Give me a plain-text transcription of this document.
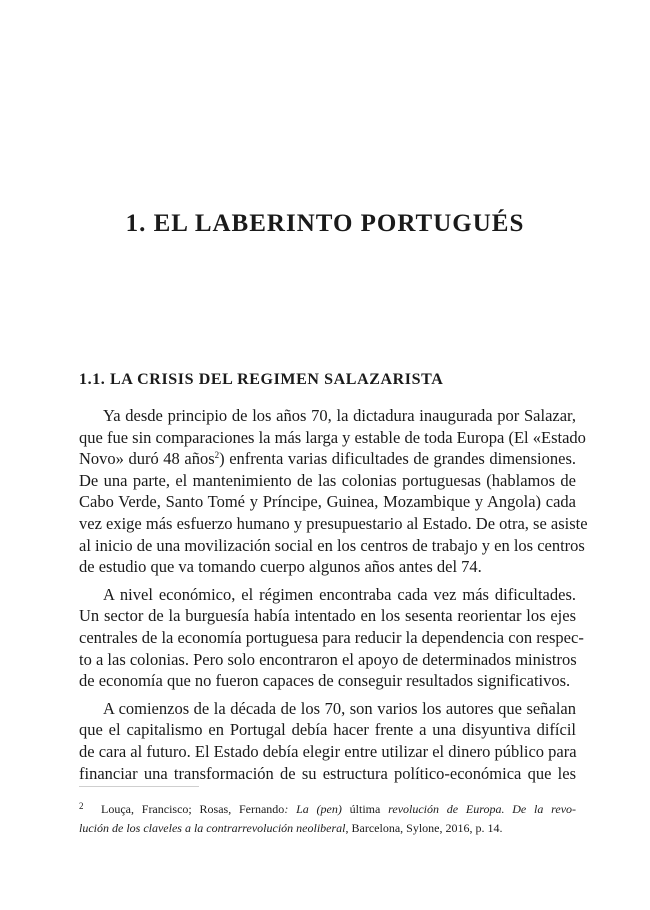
1. EL LABERINTO PORTUGUÉS
1.1. LA CRISIS DEL REGIMEN SALAZARISTA

Ya desde principio de los años 70, la dictadura inaugurada por Salazar,
que fue sin comparaciones la más larga y estable de toda Europa (El «Estado
Novo» duró 48 años$^2$) enfrenta varias dificultades de grandes dimensiones.
De una parte, el mantenimiento de las colonias portuguesas (hablamos de
Cabo Verde, Santo Tomé y Príncipe, Guinea, Mozambique y Angola) cada
vez exige más esfuerzo humano y presupuestario al Estado. De otra, se asiste
al inicio de una movilización social en los centros de trabajo y en los centros
de estudio que va tomando cuerpo algunos años antes del 74.

A nivel económico, el régimen encontraba cada vez más dificultades.
Un sector de la burguesía había intentado en los sesenta reorientar los ejes
centrales de la economía portuguesa para reducir la dependencia con respec-
to a las colonias. Pero solo encontraron el apoyo de determinados ministros
de economía que no fueron capaces de conseguir resultados significativos.

A comienzos de la década de los 70, son varios los autores que señalan
que el capitalismo en Portugal debía hacer frente a una disyuntiva difícil
de cara al futuro. El Estado debía elegir entre utilizar el dinero público para
financiar una transformación de su estructura político-económica que les

2 Louça, Francisco; Rosas, Fernando: La (pen) última revolución de Europa. De la revo-
lución de los claveles a la contrarrevolución neoliberal, Barcelona, Sylone, 2016, p. 14.
